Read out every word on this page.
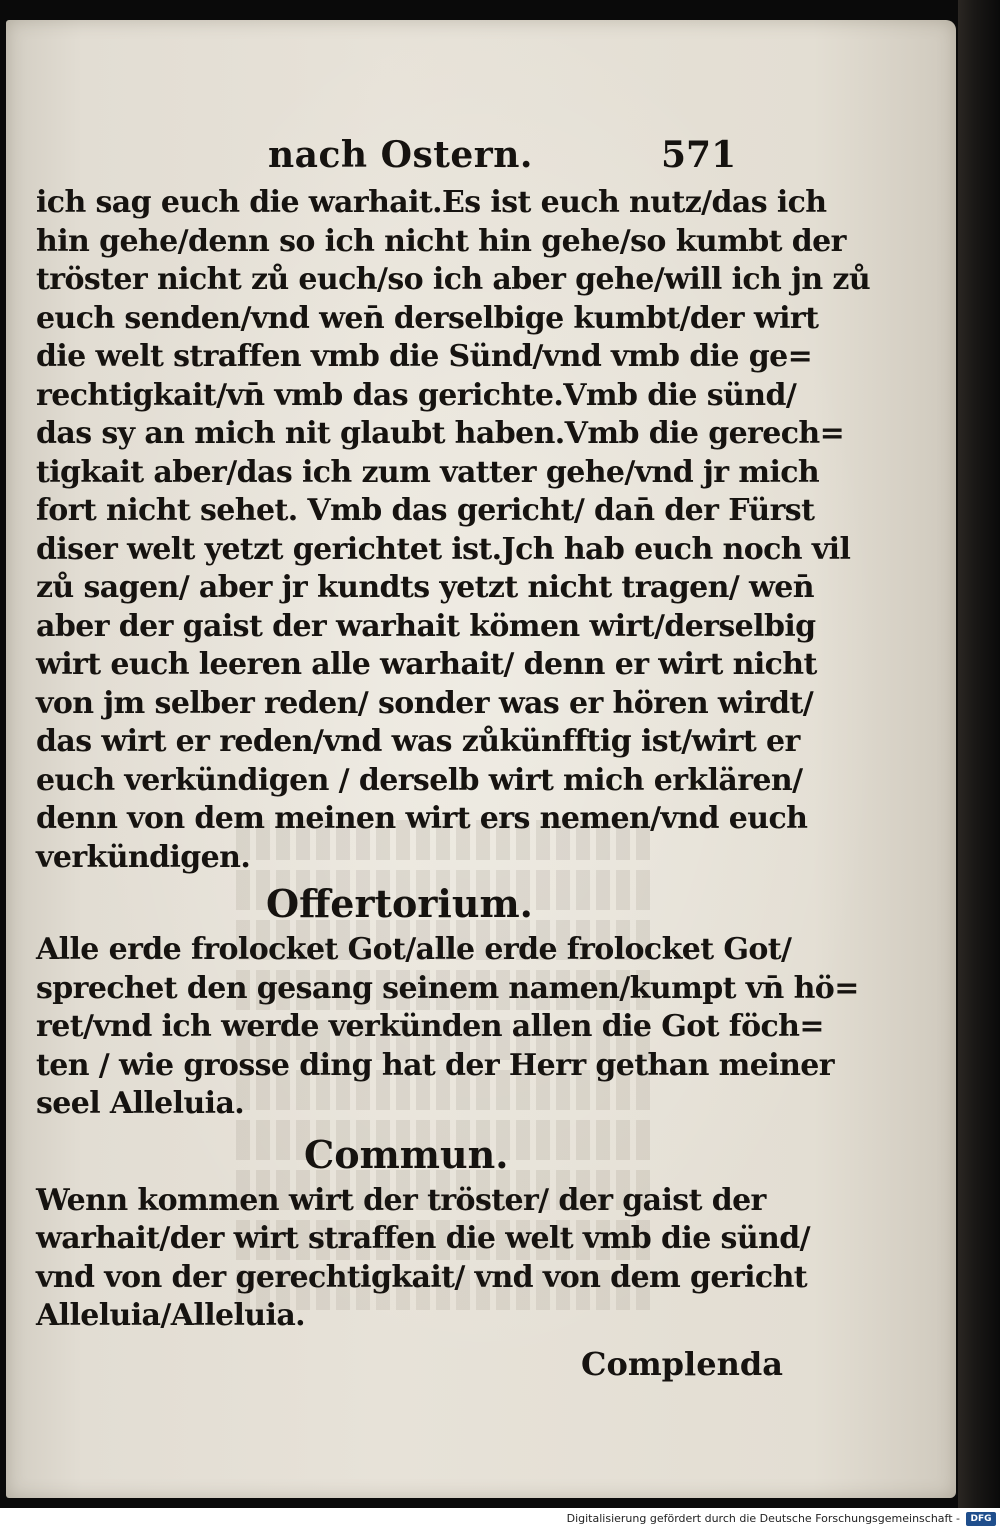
nach Ostern.	571
ich sag euch die warhait.Es ist euch nutz/das ich
hin gehe/denn so ich nicht hin gehe/so kumbt der
tröster nicht zů euch/so ich aber gehe/will ich jn zů
euch senden/vnd wen̄ derselbige kumbt/der wirt
die welt straffen vmb die Sünd/vnd vmb die ge=
rechtigkait/vn̄ vmb das gerichte.Vmb die sünd/
das sy an mich nit glaubt haben.Vmb die gerech=
tigkait aber/das ich zum vatter gehe/vnd jr mich
fort nicht sehet. Vmb das gericht/ dan̄ der Fürst
diser welt yetzt gerichtet ist.Jch hab euch noch vil
zů sagen/ aber jr kundts yetzt nicht tragen/ wen̄
aber der gaist der warhait kömen wirt/derselbig
wirt euch leeren alle warhait/ denn er wirt nicht
von jm selber reden/ sonder was er hören wirdt/
das wirt er reden/vnd was zůkünfftig ist/wirt er
euch verkündigen / derselb wirt mich erklären/
denn von dem meinen wirt ers nemen/vnd euch
verkündigen.
Offertorium.
Alle erde frolocket Got/alle erde frolocket Got/
sprechet den gesang seinem namen/kumpt vn̄ hö=
ret/vnd ich werde verkünden allen die Got föch=
ten / wie grosse ding hat der Herr gethan meiner
seel Alleluia.
Commun.
Wenn kommen wirt der tröster/ der gaist der
warhait/der wirt straffen die welt vmb die sünd/
vnd von der gerechtigkait/ vnd von dem gericht
Alleluia/Alleluia.
Complenda
Digitalisierung gefördert durch die Deutsche Forschungsgemeinschaft -	DFG
